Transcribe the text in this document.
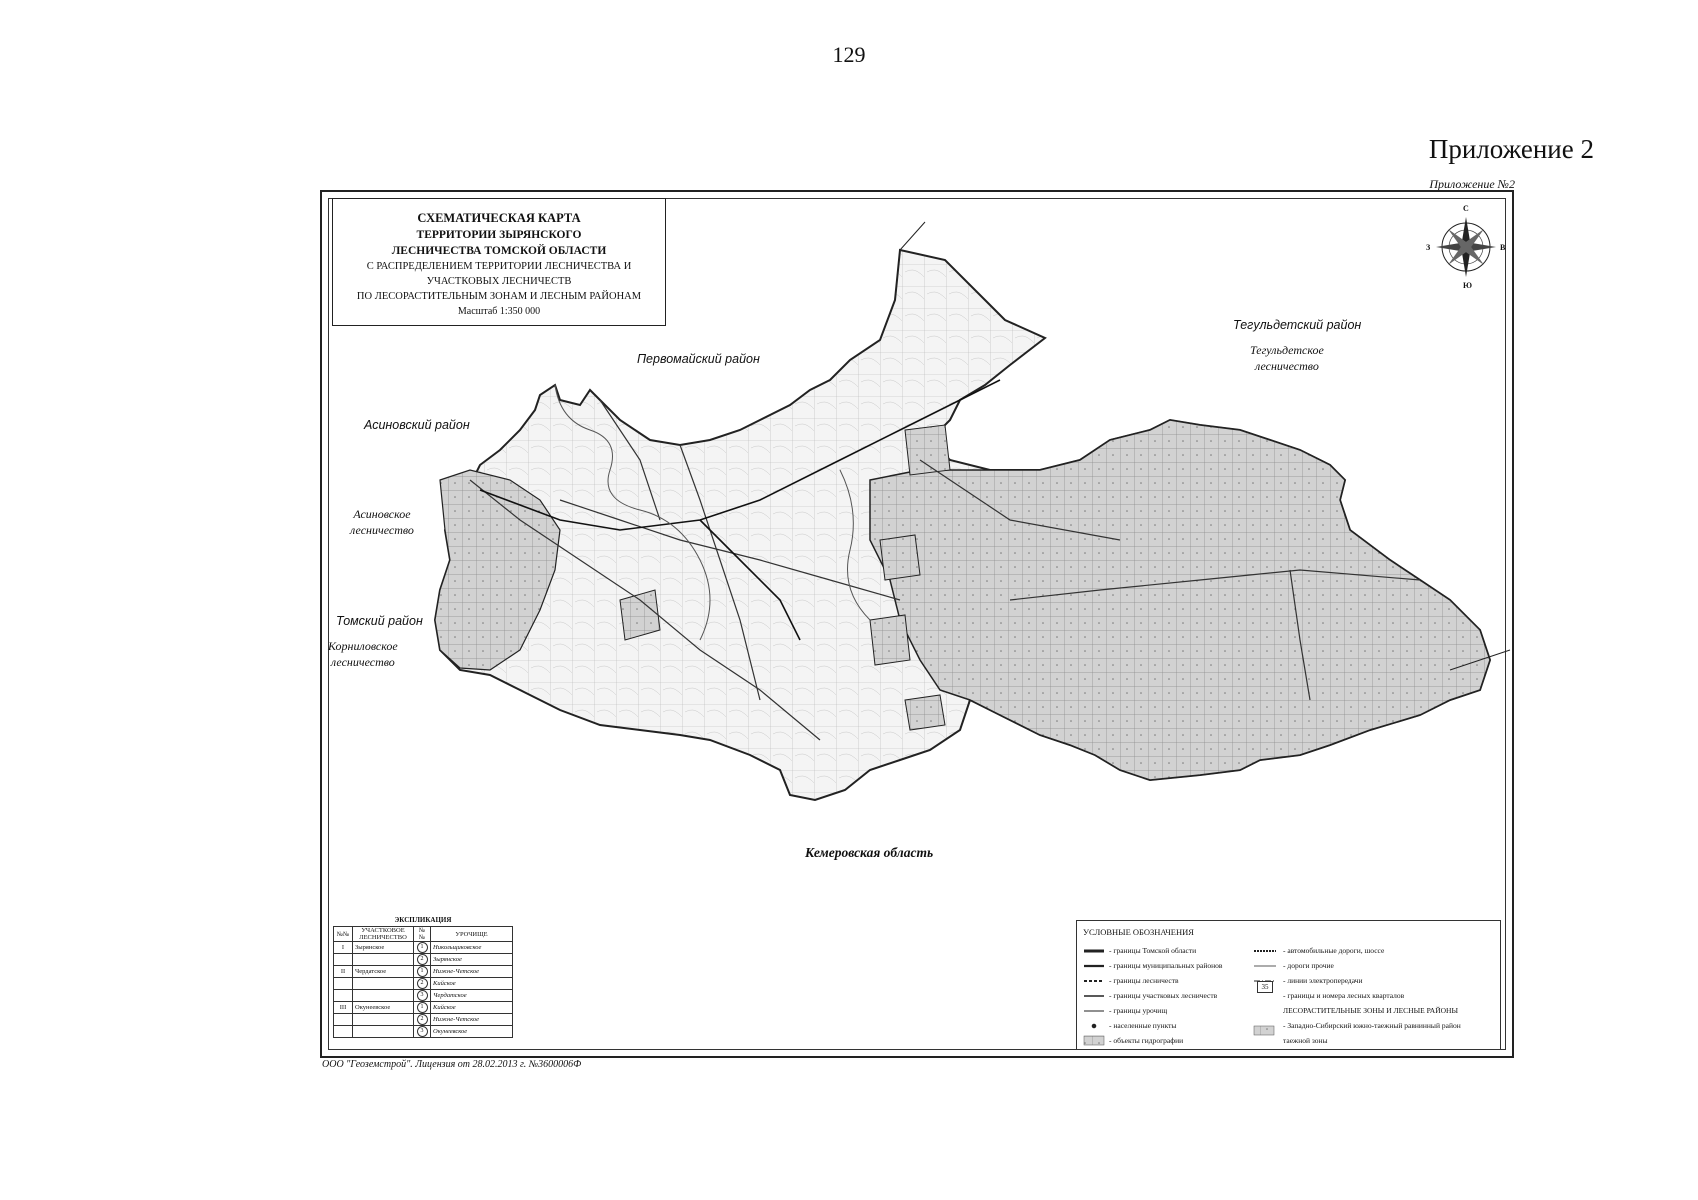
129
Приложение 2
Приложение №2
СХЕМАТИЧЕСКАЯ КАРТА
ТЕРРИТОРИИ ЗЫРЯНСКОГО
ЛЕСНИЧЕСТВА ТОМСКОЙ ОБЛАСТИ
С РАСПРЕДЕЛЕНИЕМ ТЕРРИТОРИИ ЛЕСНИЧЕСТВА И
УЧАСТКОВЫХ ЛЕСНИЧЕСТВ
ПО ЛЕСОРАСТИТЕЛЬНЫМ ЗОНАМ И ЛЕСНЫМ РАЙОНАМ
Масштаб 1:350 000
Первомайский район
Асиновский район
Асиновское
лесничество
Томский район
Корниловское
лесничество
Тегульдетский район
Тегульдетское
лесничество
Кемеровская область
С
Ю
В
З
ЭКСПЛИКАЦИЯ
№№	УЧАСТКОВОЕ ЛЕСНИЧЕСТВО	№№	УРОЧИЩЕ
I	Зырянское	1	Никольщиковское
		2	Зырянское
II	Чердатское	1	Нижне-Четское
		2	Кийское
		3	Чердатское
III	Окунеевское	1	Кийское
		2	Нижне-Четское
		3	Окунеевское
УСЛОВНЫЕ ОБОЗНАЧЕНИЯ
- границы Томской области
- границы муниципальных районов
- границы лесничеств
- границы участковых лесничеств
- границы урочищ
- населенные пункты
- объекты гидрографии
- автомобильные дороги, шоссе
- дороги прочие
- линии электропередачи
- границы и номера лесных кварталов
ЛЕСОРАСТИТЕЛЬНЫЕ ЗОНЫ И ЛЕСНЫЕ РАЙОНЫ
- Западно-Сибирский южно-таежный равнинный район
таежной зоны
35
ООО "Геоземстрой". Лицензия от 28.02.2013 г. №3600006Ф
